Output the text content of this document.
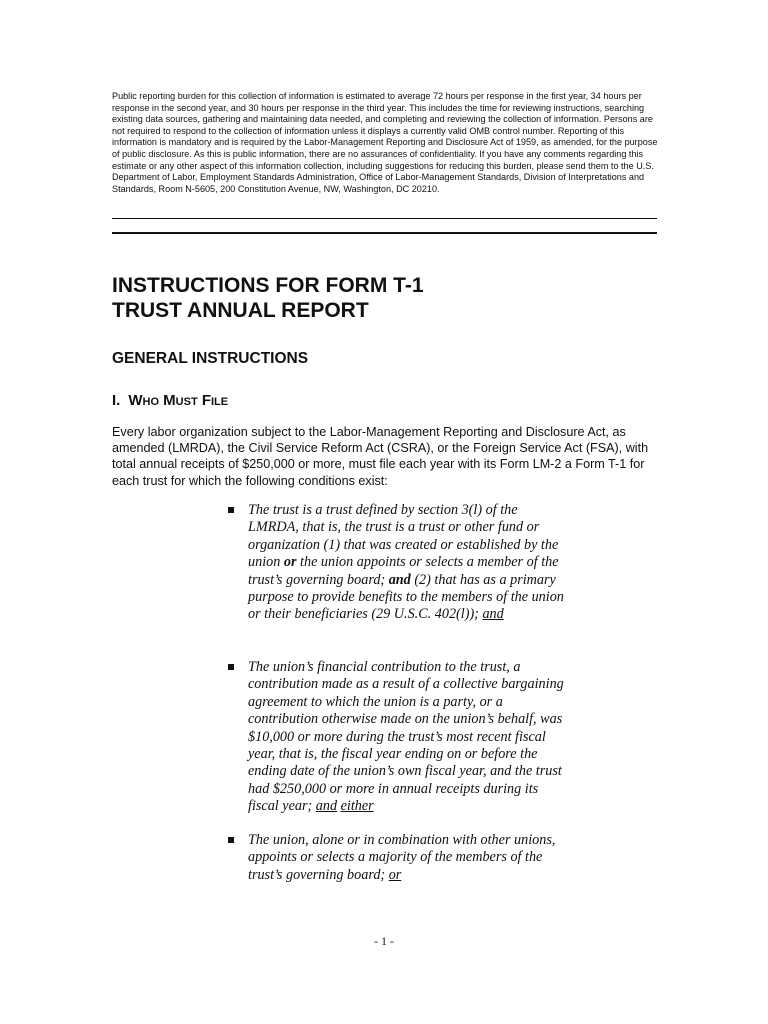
Public reporting burden for this collection of information is estimated to average 72 hours per response in the first year, 34 hours per response in the second year, and 30 hours per response in the third year. This includes the time for reviewing instructions, searching existing data sources, gathering and maintaining data needed, and completing and reviewing the collection of information. Persons are not required to respond to the collection of information unless it displays a currently valid OMB control number. Reporting of this information is mandatory and is required by the Labor-Management Reporting and Disclosure Act of 1959, as amended, for the purpose of public disclosure. As this is public information, there are no assurances of confidentiality. If you have any comments regarding this estimate or any other aspect of this information collection, including suggestions for reducing this burden, please send them to the U.S. Department of Labor, Employment Standards Administration, Office of Labor-Management Standards, Division of Interpretations and Standards, Room N-5605, 200 Constitution Avenue, NW, Washington, DC 20210.

INSTRUCTIONS FOR FORM T-1
TRUST ANNUAL REPORT
GENERAL INSTRUCTIONS
I. Who Must File

Every labor organization subject to the Labor-Management Reporting and Disclosure Act, as amended (LMRDA), the Civil Service Reform Act (CSRA), or the Foreign Service Act (FSA), with total annual receipts of $250,000 or more, must file each year with its Form LM-2 a Form T-1 for each trust for which the following conditions exist:

The trust is a trust defined by section 3(l) of the LMRDA, that is, the trust is a trust or other fund or organization (1) that was created or established by the union or the union appoints or selects a member of the trust’s governing board; and (2) that has as a primary purpose to provide benefits to the members of the union or their beneficiaries (29 U.S.C. 402(l)); and
The union’s financial contribution to the trust, a contribution made as a result of a collective bargaining agreement to which the union is a party, or a contribution otherwise made on the union’s behalf, was $10,000 or more during the trust’s most recent fiscal year, that is, the fiscal year ending on or before the ending date of the union’s own fiscal year, and the trust had $250,000 or more in annual receipts during its fiscal year; and either
The union, alone or in combination with other unions, appoints or selects a majority of the members of the trust’s governing board; or
- 1 -
